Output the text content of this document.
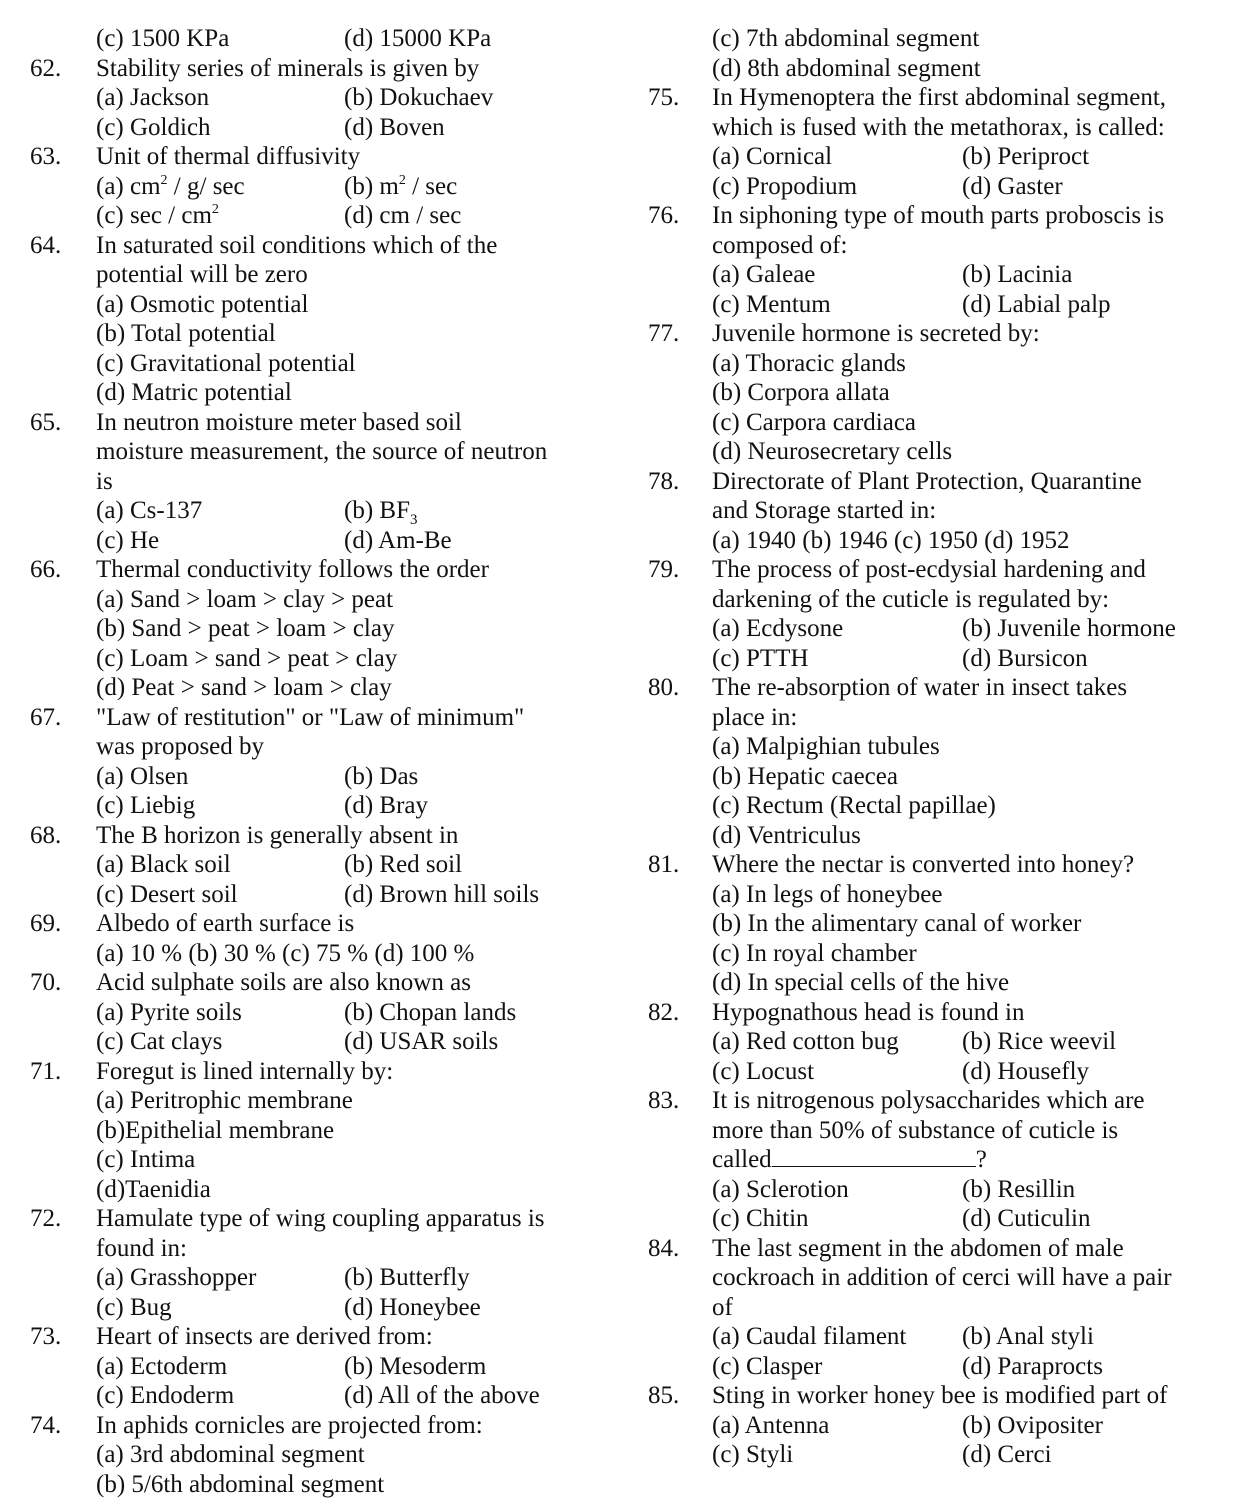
(c) 1500 KPa	(d) 15000 KPa
62. Stability series of minerals is given by
(a) Jackson	(b) Dokuchaev
(c) Goldich	(d) Boven
63. Unit of thermal diffusivity
(a) $cm^2 / g/$ sec	(b) $m^2$ / sec
(c) sec / $cm^2$	(d) cm / sec
64. In saturated soil conditions which of the
potential will be zero
(a) Osmotic potential
(b) Total potential
(c) Gravitational potential
(d) Matric potential
65. In neutron moisture meter based soil
moisture measurement, the source of neutron
is
(a) Cs-137	(b) $BF_3$
(c) He	(d) Am-Be
66. Thermal conductivity follows the order
(a) Sand > loam > clay > peat
(b) Sand > peat > loam > clay
(c) Loam > sand > peat > clay
(d) Peat > sand > loam > clay
67. "Law of restitution" or "Law of minimum"
was proposed by
(a) Olsen	(b) Das
(c) Liebig	(d) Bray
68. The B horizon is generally absent in
(a) Black soil	(b) Red soil
(c) Desert soil	(d) Brown hill soils
69. Albedo of earth surface is
(a) 10 % (b) 30 % (c) 75 % (d) 100 %
70. Acid sulphate soils are also known as
(a) Pyrite soils	(b) Chopan lands
(c) Cat clays	(d) USAR soils
71. Foregut is lined internally by:
(a) Peritrophic membrane
(b)Epithelial membrane
(c) Intima
(d)Taenidia
72. Hamulate type of wing coupling apparatus is
found in:
(a) Grasshopper	(b) Butterfly
(c) Bug	(d) Honeybee
73. Heart of insects are derived from:
(a) Ectoderm	(b) Mesoderm
(c) Endoderm	(d) All of the above
74. In aphids cornicles are projected from:
(a) 3rd abdominal segment
(b) 5/6th abdominal segment
(c) 7th abdominal segment
(d) 8th abdominal segment
75. In Hymenoptera the first abdominal segment,
which is fused with the metathorax, is called:
(a) Cornical	(b) Periproct
(c) Propodium	(d) Gaster
76. In siphoning type of mouth parts proboscis is
composed of:
(a) Galeae	(b) Lacinia
(c) Mentum	(d) Labial palp
77. Juvenile hormone is secreted by:
(a) Thoracic glands
(b) Corpora allata
(c) Carpora cardiaca
(d) Neurosecretary cells
78. Directorate of Plant Protection, Quarantine
and Storage started in:
(a) 1940 (b) 1946 (c) 1950 (d) 1952
79. The process of post-ecdysial hardening and
darkening of the cuticle is regulated by:
(a) Ecdysone	(b) Juvenile hormone
(c) PTTH	(d) Bursicon
80. The re-absorption of water in insect takes
place in:
(a) Malpighian tubules
(b) Hepatic caecea
(c) Rectum (Rectal papillae)
(d) Ventriculus
81. Where the nectar is converted into honey?
(a) In legs of honeybee
(b) In the alimentary canal of worker
(c) In royal chamber
(d) In special cells of the hive
82. Hypognathous head is found in
(a) Red cotton bug	(b) Rice weevil
(c) Locust	(d) Housefly
83. It is nitrogenous polysaccharides which are
more than 50% of substance of cuticle is
called	?
(a) Sclerotion	(b) Resillin
(c) Chitin	(d) Cuticulin
84. The last segment in the abdomen of male
cockroach in addition of cerci will have a pair
of
(a) Caudal filament (b) Anal styli
(c) Clasper	(d) Paraprocts
85. Sting in worker honey bee is modified part of
(a) Antenna	(b) Ovipositer
(c) Styli	(d) Cerci
